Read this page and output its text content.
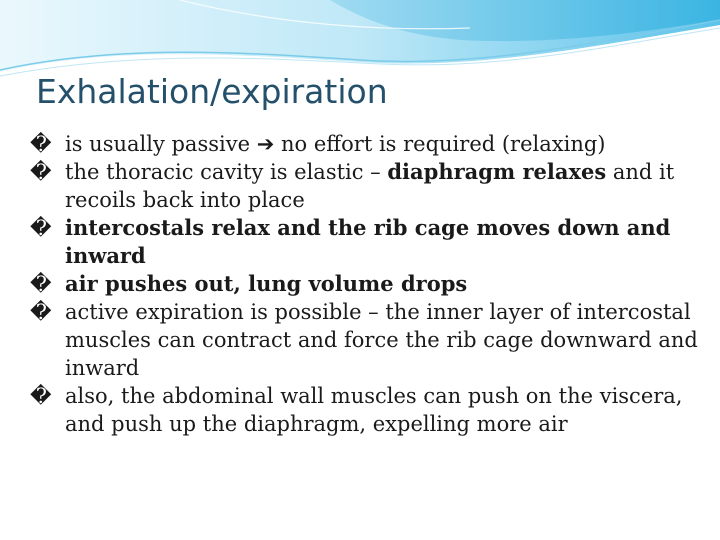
Exhalation/expiration
� is usually passive ➔ no effort is required (relaxing)
� the thoracic cavity is elastic – diaphragm relaxes and it recoils back into place
� intercostals relax and the rib cage moves down and inward
� air pushes out, lung volume drops
� active expiration is possible – the inner layer of intercostal muscles can contract and force the rib cage downward and inward
� also, the abdominal wall muscles can push on the viscera, and push up the diaphragm, expelling more air
